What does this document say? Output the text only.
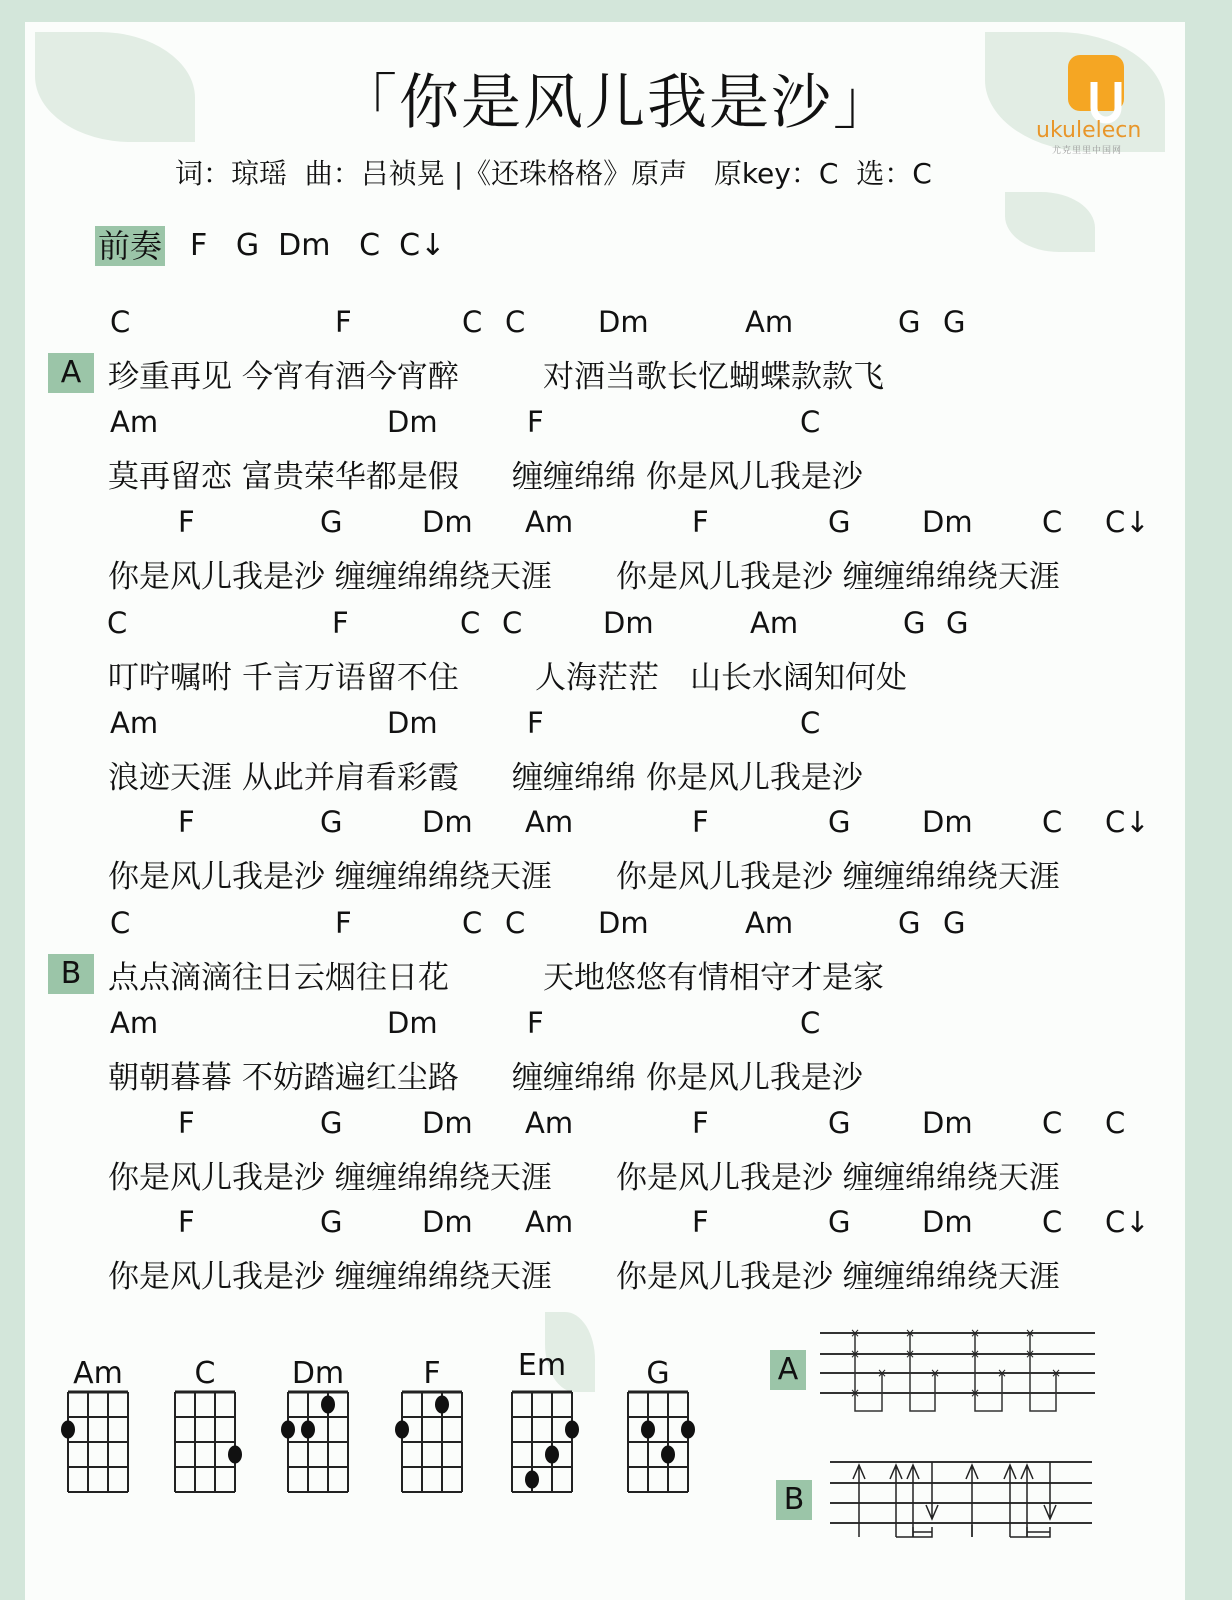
「你是风儿我是沙」
词：琼瑶  曲：吕祯晃 |《还珠格格》原声   原key：C  选：C

ukulelecn
尤克里里中国网
前奏 F   G  Dm   C  C↓
C	F	C C	Dm	Am	G G
珍重再见 今宵有酒今宵醉	对酒当歌长忆蝴蝶款款飞
A
Am	Dm	F	C
莫再留恋 富贵荣华都是假 缠缠绵绵 你是风儿我是沙
F	G	Dm Am	F	G Dm C C↓
你是风儿我是沙 缠缠绵绵绕天涯 你是风儿我是沙 缠缠绵绵绕天涯
C	F	C C	Dm	Am	G G
叮咛嘱咐 千言万语留不住 人海茫茫 山长水阔知何处
Am	Dm	F	C
浪迹天涯 从此并肩看彩霞 缠缠绵绵 你是风儿我是沙
F	G	Dm Am	F	G Dm C C↓
你是风儿我是沙 缠缠绵绵绕天涯 你是风儿我是沙 缠缠绵绵绕天涯
C	F	C C	Dm	Am	G G
点点滴滴往日云烟往日花	天地悠悠有情相守才是家
B
Am	Dm	F	C
朝朝暮暮 不妨踏遍红尘路 缠缠绵绵 你是风儿我是沙
F	G	Dm Am	F	G Dm C C
你是风儿我是沙 缠缠绵绵绕天涯 你是风儿我是沙 缠缠绵绵绕天涯
F	G	Dm Am	F	G Dm C C↓
你是风儿我是沙 缠缠绵绵绕天涯 你是风儿我是沙 缠缠绵绵绕天涯
Am	C	Dm	F	Em	G	A
×
×
×
×
×
×
×
×
×
×
×
×
×
×
B
